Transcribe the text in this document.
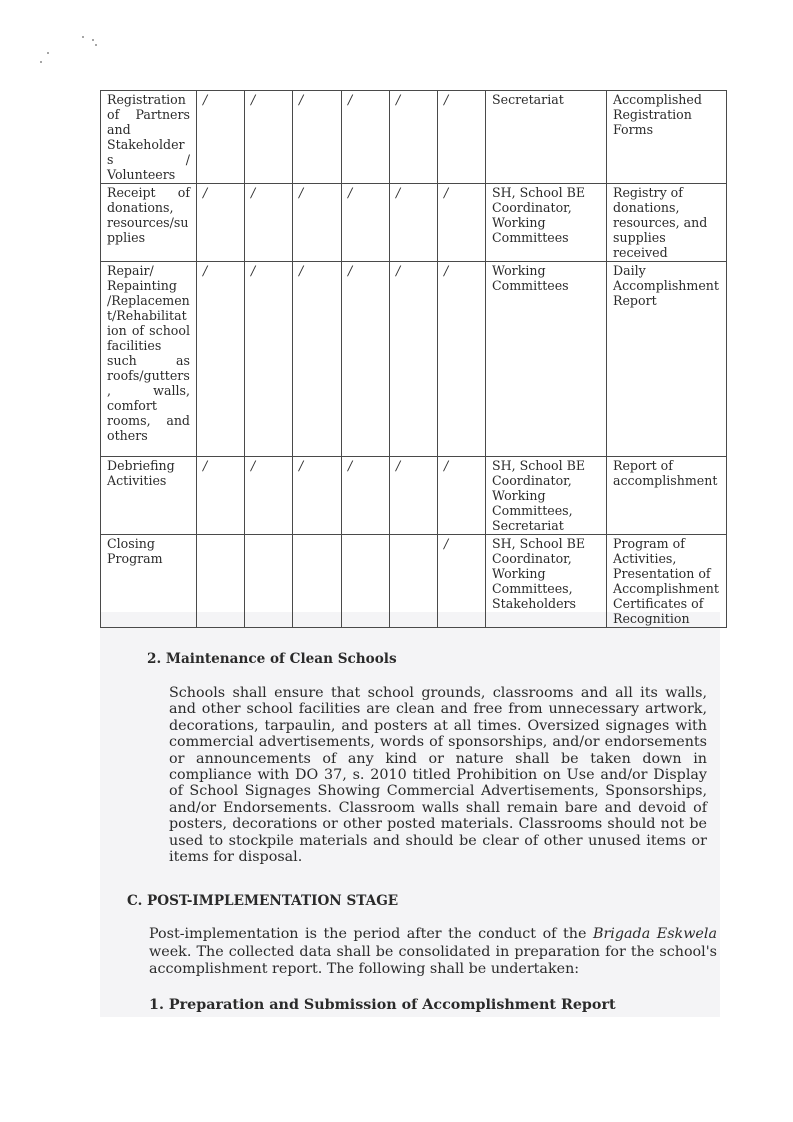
Registration of Partners and Stakeholders / Volunteers	/	/	/	/	/	/	Secretariat	Accomplished Registration Forms
Receipt of donations, resources/supplies	/	/	/	/	/	/	SH, School BE Coordinator, Working Committees	Registry of donations, resources, and supplies received
Repair/ Repainting /Replacement/Rehabilitation of school facilities such as roofs/gutters, walls, comfort rooms, and others	/	/	/	/	/	/	Working Committees	Daily Accomplishment Report
Debriefing Activities	/	/	/	/	/	/	SH, School BE Coordinator, Working Committees, Secretariat	Report of accomplishment
Closing Program						/	SH, School BE Coordinator, Working Committees, Stakeholders	Program of Activities, Presentation of Accomplishment Certificates of Recognition
2. Maintenance of Clean Schools
Schools shall ensure that school grounds, classrooms and all its walls, and other school facilities are clean and free from unnecessary artwork, decorations, tarpaulin, and posters at all times. Oversized signages with commercial advertisements, words of sponsorships, and/or endorsements or announcements of any kind or nature shall be taken down in compliance with DO 37, s. 2010 titled Prohibition on Use and/or Display of School Signages Showing Commercial Advertisements, Sponsorships, and/or Endorsements. Classroom walls shall remain bare and devoid of posters, decorations or other posted materials. Classrooms should not be used to stockpile materials and should be clear of other unused items or items for disposal.
C. POST-IMPLEMENTATION STAGE
Post-implementation is the period after the conduct of the Brigada Eskwela week. The collected data shall be consolidated in preparation for the school's accomplishment report. The following shall be undertaken:
1. Preparation and Submission of Accomplishment Report
